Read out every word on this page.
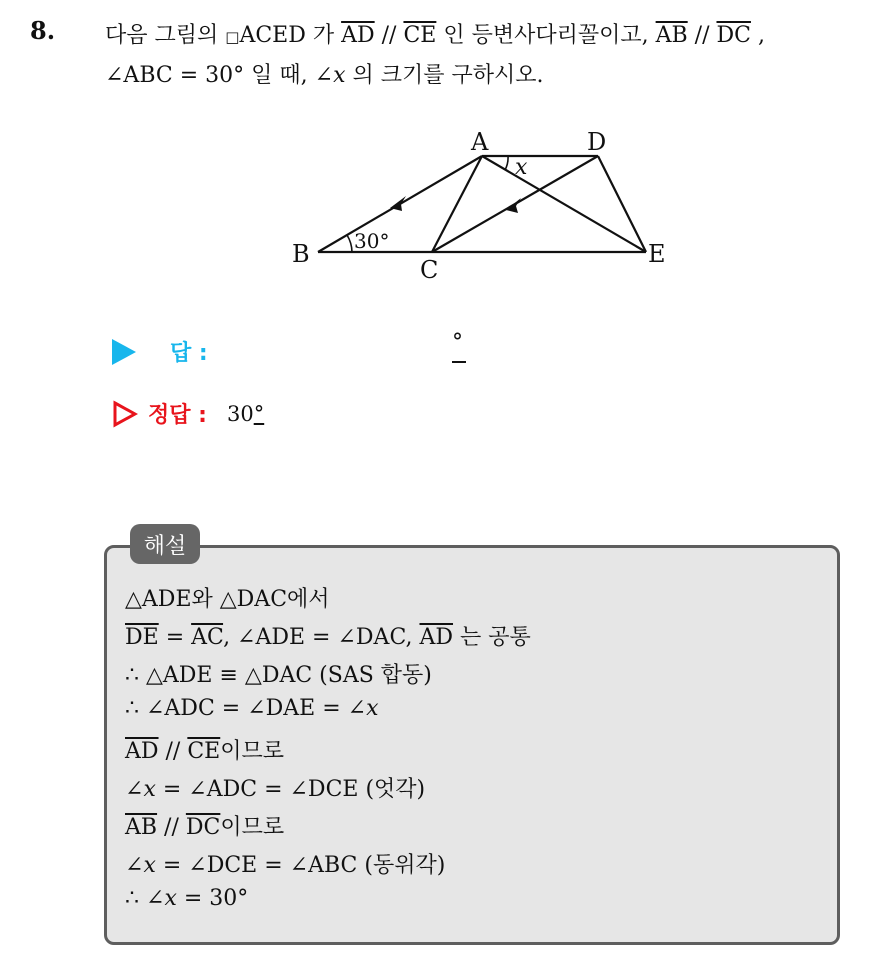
8. 다음 그림의 □ACED 가 $\overline{AD} // \overline{CE}$ 인 등변사다리꼴이고, $\overline{AB} // \overline{DC}$ ,
∠ABC = 30° 일 때, ∠x 의 크기를 구하시오.
A	D
B
C
E
x
30°
답 :	°
정답 : 30°
해설
△ADE와 △DAC에서
$\overline{DE} = \overline{AC}$, ∠ADE = ∠DAC, $\overline{AD}$ 는 공통
∴ △ADE ≡ △DAC (SAS 합동)
∴ ∠ADC = ∠DAE = ∠x
$\overline{AD} // \overline{CE}$이므로
∠x = ∠ADC = ∠DCE (엇각)
$\overline{AB} // \overline{DC}$이므로
∠x = ∠DCE = ∠ABC (동위각)
∴ ∠x = 30°
